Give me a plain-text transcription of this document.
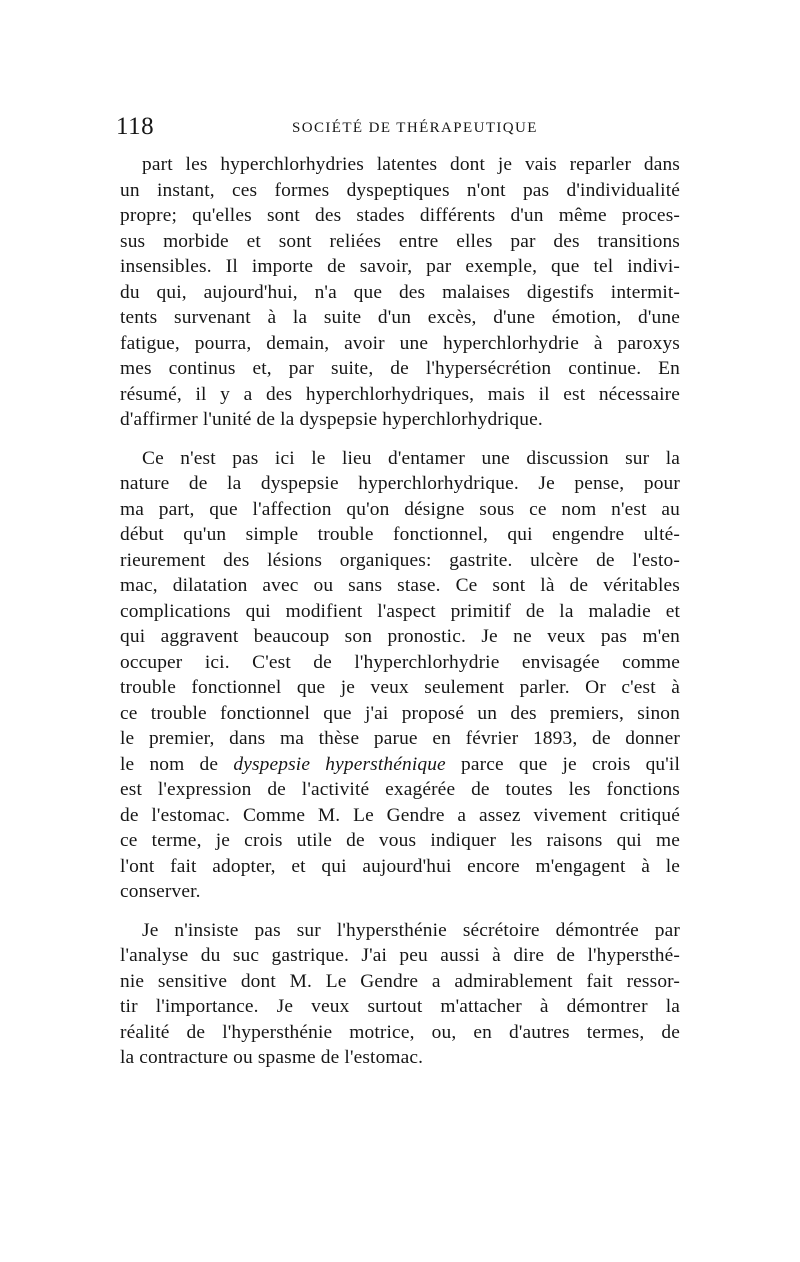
118	SOCIÉTÉ DE THÉRAPEUTIQUE

part les hyperchlorhydries latentes dont je vais reparler dans
un instant, ces formes dyspeptiques n'ont pas d'individualité
propre; qu'elles sont des stades différents d'un même proces-
sus morbide et sont reliées entre elles par des transitions
insensibles. Il importe de savoir, par exemple, que tel indivi-
du qui, aujourd'hui, n'a que des malaises digestifs intermit-
tents survenant à la suite d'un excès, d'une émotion, d'une
fatigue, pourra, demain, avoir une hyperchlorhydrie à paroxys
mes continus et, par suite, de l'hypersécrétion continue. En
résumé, il y a des hyperchlorhydriques, mais il est nécessaire
d'affirmer l'unité de la dyspepsie hyperchlorhydrique.

Ce n'est pas ici le lieu d'entamer une discussion sur la
nature de la dyspepsie hyperchlorhydrique. Je pense, pour
ma part, que l'affection qu'on désigne sous ce nom n'est au
début qu'un simple trouble fonctionnel, qui engendre ulté-
rieurement des lésions organiques: gastrite. ulcère de l'esto-
mac, dilatation avec ou sans stase. Ce sont là de véritables
complications qui modifient l'aspect primitif de la maladie et
qui aggravent beaucoup son pronostic. Je ne veux pas m'en
occuper ici. C'est de l'hyperchlorhydrie envisagée comme
trouble fonctionnel que je veux seulement parler. Or c'est à
ce trouble fonctionnel que j'ai proposé un des premiers, sinon
le premier, dans ma thèse parue en février 1893, de donner
le nom de dyspepsie hypersthénique parce que je crois qu'il
est l'expression de l'activité exagérée de toutes les fonctions
de l'estomac. Comme M. Le Gendre a assez vivement critiqué
ce terme, je crois utile de vous indiquer les raisons qui me
l'ont fait adopter, et qui aujourd'hui encore m'engagent à le
conserver.

Je n'insiste pas sur l'hypersthénie sécrétoire démontrée par
l'analyse du suc gastrique. J'ai peu aussi à dire de l'hypersthé-
nie sensitive dont M. Le Gendre a admirablement fait ressor-
tir l'importance. Je veux surtout m'attacher à démontrer la
réalité de l'hypersthénie motrice, ou, en d'autres termes, de
la contracture ou spasme de l'estomac.
